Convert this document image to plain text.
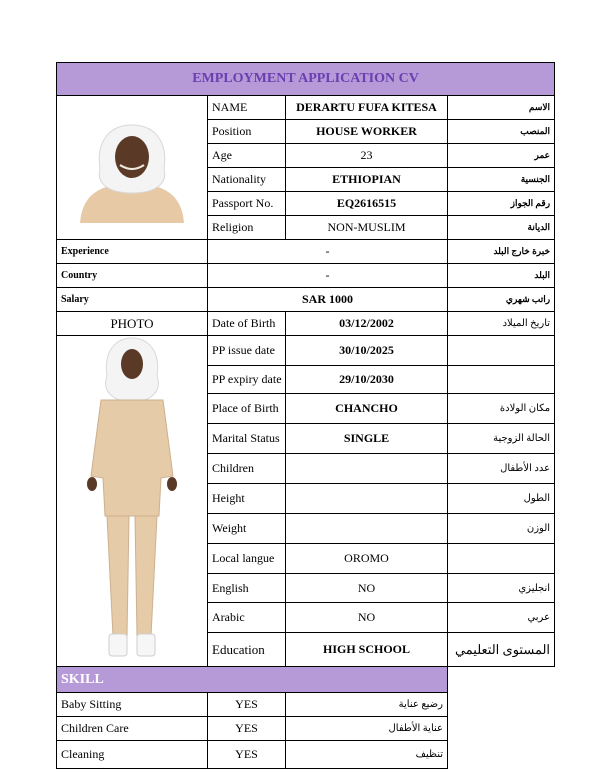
EMPLOYMENT APPLICATION CV			

	NAME	DERARTU FUFA KITESA	الاسم
	Position	HOUSE WORKER	المنصب
	Age	23	عمر
	Nationality	ETHIOPIAN	الجنسية
	Passport No.	EQ2616515	رقم الجواز
	Religion	NON-MUSLIM	الديانة
Experience	-		خبرة خارج البلد
Country	-		البلد
Salary	SAR 1000		راتب شهري
PHOTO	Date of Birth	03/12/2002	تاريخ الميلاد

	PP issue date	30/10/2025	
	PP expiry date	29/10/2030	
	Place of Birth	CHANCHO	مكان الولادة
	Marital Status	SINGLE	الحالة الزوجية
	Children		عدد الأطفال
	Height		الطول
	Weight		الوزن
	Local langue	OROMO	
	English	NO	انجليزي
	Arabic	NO	عربي
	Education	HIGH SCHOOL	المستوى التعليمي
SKILL			
Baby Sitting	YES	رضيع عناية	
Children Care	YES	عناية الأطفال	
Cleaning	YES	تنظيف	
